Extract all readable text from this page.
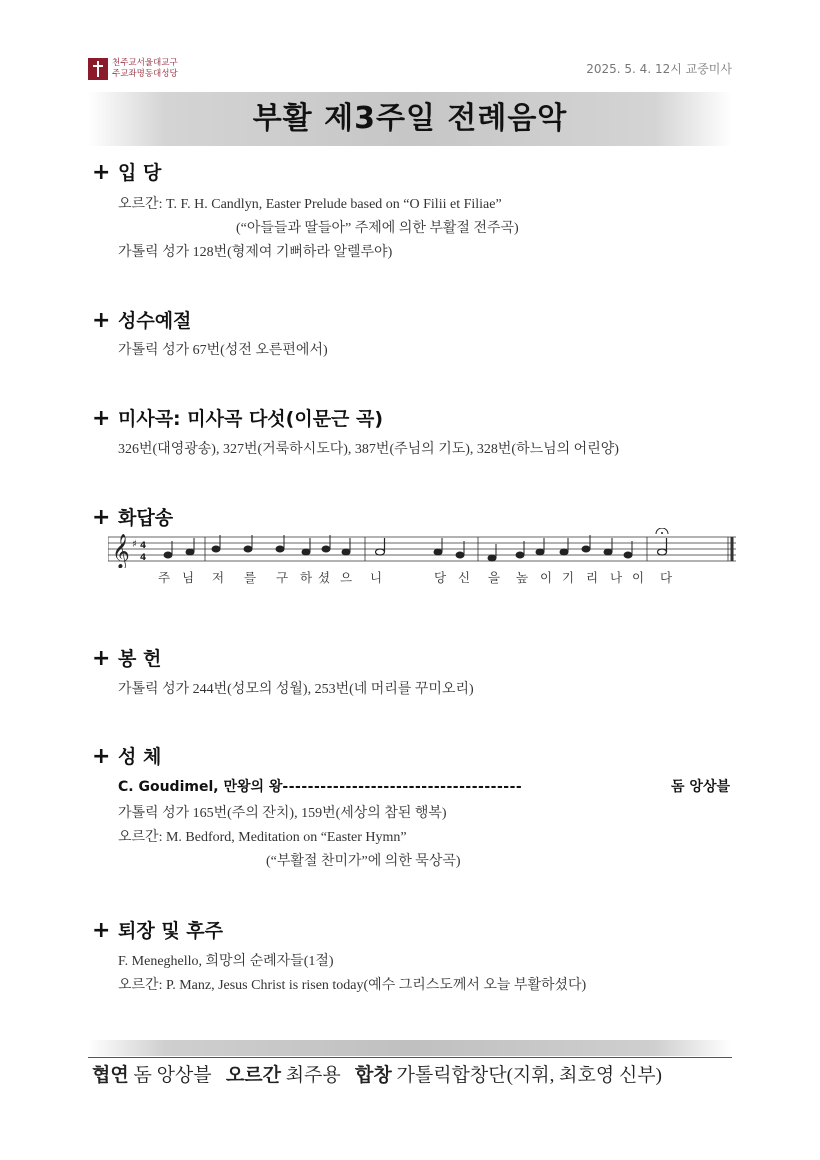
천주교서울대교구
주교좌명동대성당	2025. 5. 4. 12시 교중미사
부활 제3주일 전례음악
+ 입 당
오르간: T. F. H. Candlyn, Easter Prelude based on “O Filii et Filiae”
(“아들들과 딸들아” 주제에 의한 부활절 전주곡)
가톨릭 성가 128번(형제여 기뻐하라 알렐루야)
+ 성수예절
가톨릭 성가 67번(성전 오른편에서)
+ 미사곡: 미사곡 다섯(이문근 곡)
326번(대영광송), 327번(거룩하시도다), 387번(주님의 기도), 328번(하느님의 어린양)
+ 화답송
𝄞 ♯ 4
4
주 님 저 를 구 하 셨 으 니	당 신 을 높 이 기 리 나 이 다
+ 봉 헌
가톨릭 성가 244번(성모의 성월), 253번(네 머리를 꾸미오리)
+ 성 체
C. Goudimel, 만왕의 왕--------------------------------------	돔 앙상블
가톨릭 성가 165번(주의 잔치), 159번(세상의 참된 행복)
오르간: M. Bedford, Meditation on “Easter Hymn”
(“부활절 찬미가”에 의한 묵상곡)
+ 퇴장 및 후주
F. Meneghello, 희망의 순례자들(1절)
오르간: P. Manz, Jesus Christ is risen today(예수 그리스도께서 오늘 부활하셨다)
협연 돔 앙상블 오르간 최주용 합창 가톨릭합창단(지휘, 최호영 신부)
